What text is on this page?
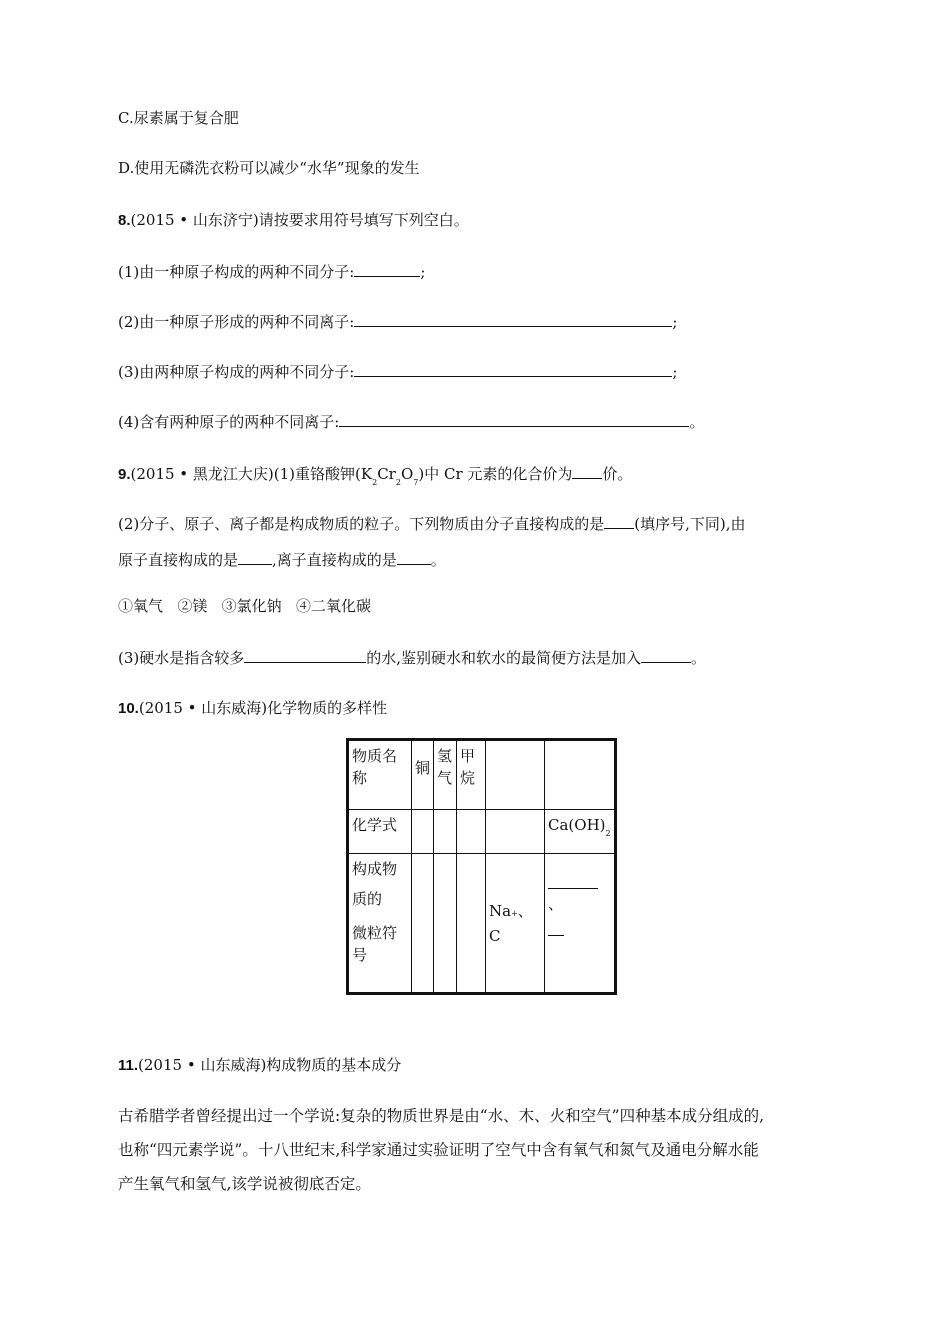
C.尿素属于复合肥
D.使用无磷洗衣粉可以减少“水华”现象的发生
8.(2015 • 山东济宁)请按要求用符号填写下列空白。
(1)由一种原子构成的两种不同分子:	;
(2)由一种原子形成的两种不同离子:	;
(3)由两种原子构成的两种不同分子:	;
(4)含有两种原子的两种不同离子:	。
9.(2015 • 黑龙江大庆)(1)重铬酸钾$(K_2Cr_2O_7)$中 Cr 元素的化合价为 价。
(2)分子、原子、离子都是构成物质的粒子。下列物质由分子直接构成的是 (填序号,下同),由
原子直接构成的是 ,离子直接构成的是 。
①氧气 ②镁 ③氯化钠 ④二氧化碳
(3)硬水是指含较多	的水,鉴别硬水和软水的最简便方法是加入	。
10.(2015 • 山东威海)化学物质的多样性
物质名称	铜	氢气	甲烷		
化学式					$Ca(OH)_2$

构成物
质的
微粒符
号				Na+、C	、
11.(2015 • 山东威海)构成物质的基本成分
古希腊学者曾经提出过一个学说:复杂的物质世界是由“水、木、火和空气”四种基本成分组成的,
也称“四元素学说”。十八世纪末,科学家通过实验证明了空气中含有氧气和氮气及通电分解水能
产生氧气和氢气,该学说被彻底否定。
